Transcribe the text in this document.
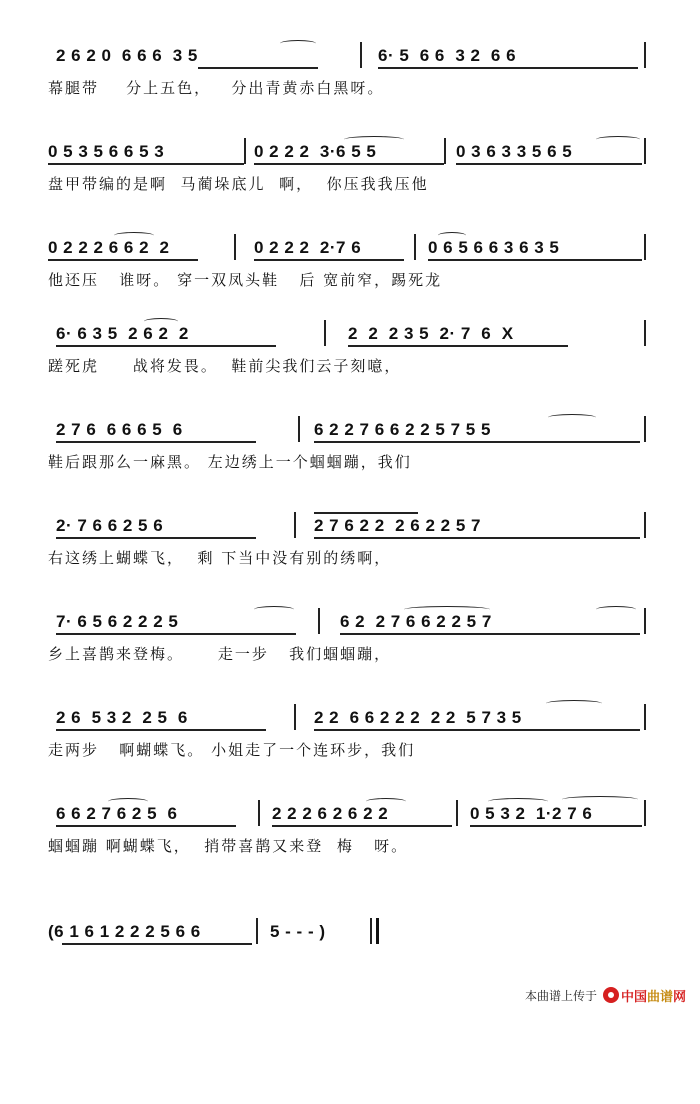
2 6 2 0  6 6 6  3 5

	6· 5  6 6  3 2  6 6

幕腿带    分上五色，   分出青黄赤白黑呀。

0 5 3 5 6 6 5 3

	0 2 2 2  3·6 5 5

	0 3 6 3 3 5 6 5

盘甲带编的是啊  马蔺垛底儿  啊，  你压我我压他

0 2 2 2 6 6 2  2

	0 2 2 2  2·7 6

	0 6 5 6 6 3 6 3 5

他还压   谁呀。 穿一双凤头鞋   后 宽前窄，踢死龙

6· 6 3 5  2 6 2  2

	2  2  2 3 5  2· 7  6  X

蹉死虎     战将发畏。  鞋前尖我们云子刻噫，

2 7 6  6 6 6 5  6

	6 2 2 7 6 6 2 2 5 7 5 5

鞋后跟那么一麻黑。 左边绣上一个蝈蝈蹦，我们

2· 7 6 6 2 5 6

	2 7 6 2 2  2 6 2 2 5 7

右这绣上蝴蝶飞，  剩 下当中没有别的绣啊，

7· 6 5 6 2 2 2 5

	6 2  2 7 6 6 2 2 5 7

乡上喜鹊来登梅。     走一步   我们蝈蝈蹦，

2 6  5 3 2  2 5  6

	2 2  6 6 2 2 2  2 2  5 7 3 5

走两步   啊蝴蝶飞。 小姐走了一个连环步，我们

6 6 2 7 6 2 5  6

	2 2 2 6 2 6 2 2

	0 5 3 2  1·2 7 6

蝈蝈蹦 啊蝴蝶飞，  捎带喜鹊又来登  梅   呀。

(6 1 6 1 2 2 2 5 6 6

	5 - - - )

本曲谱上传于 中国曲谱网
